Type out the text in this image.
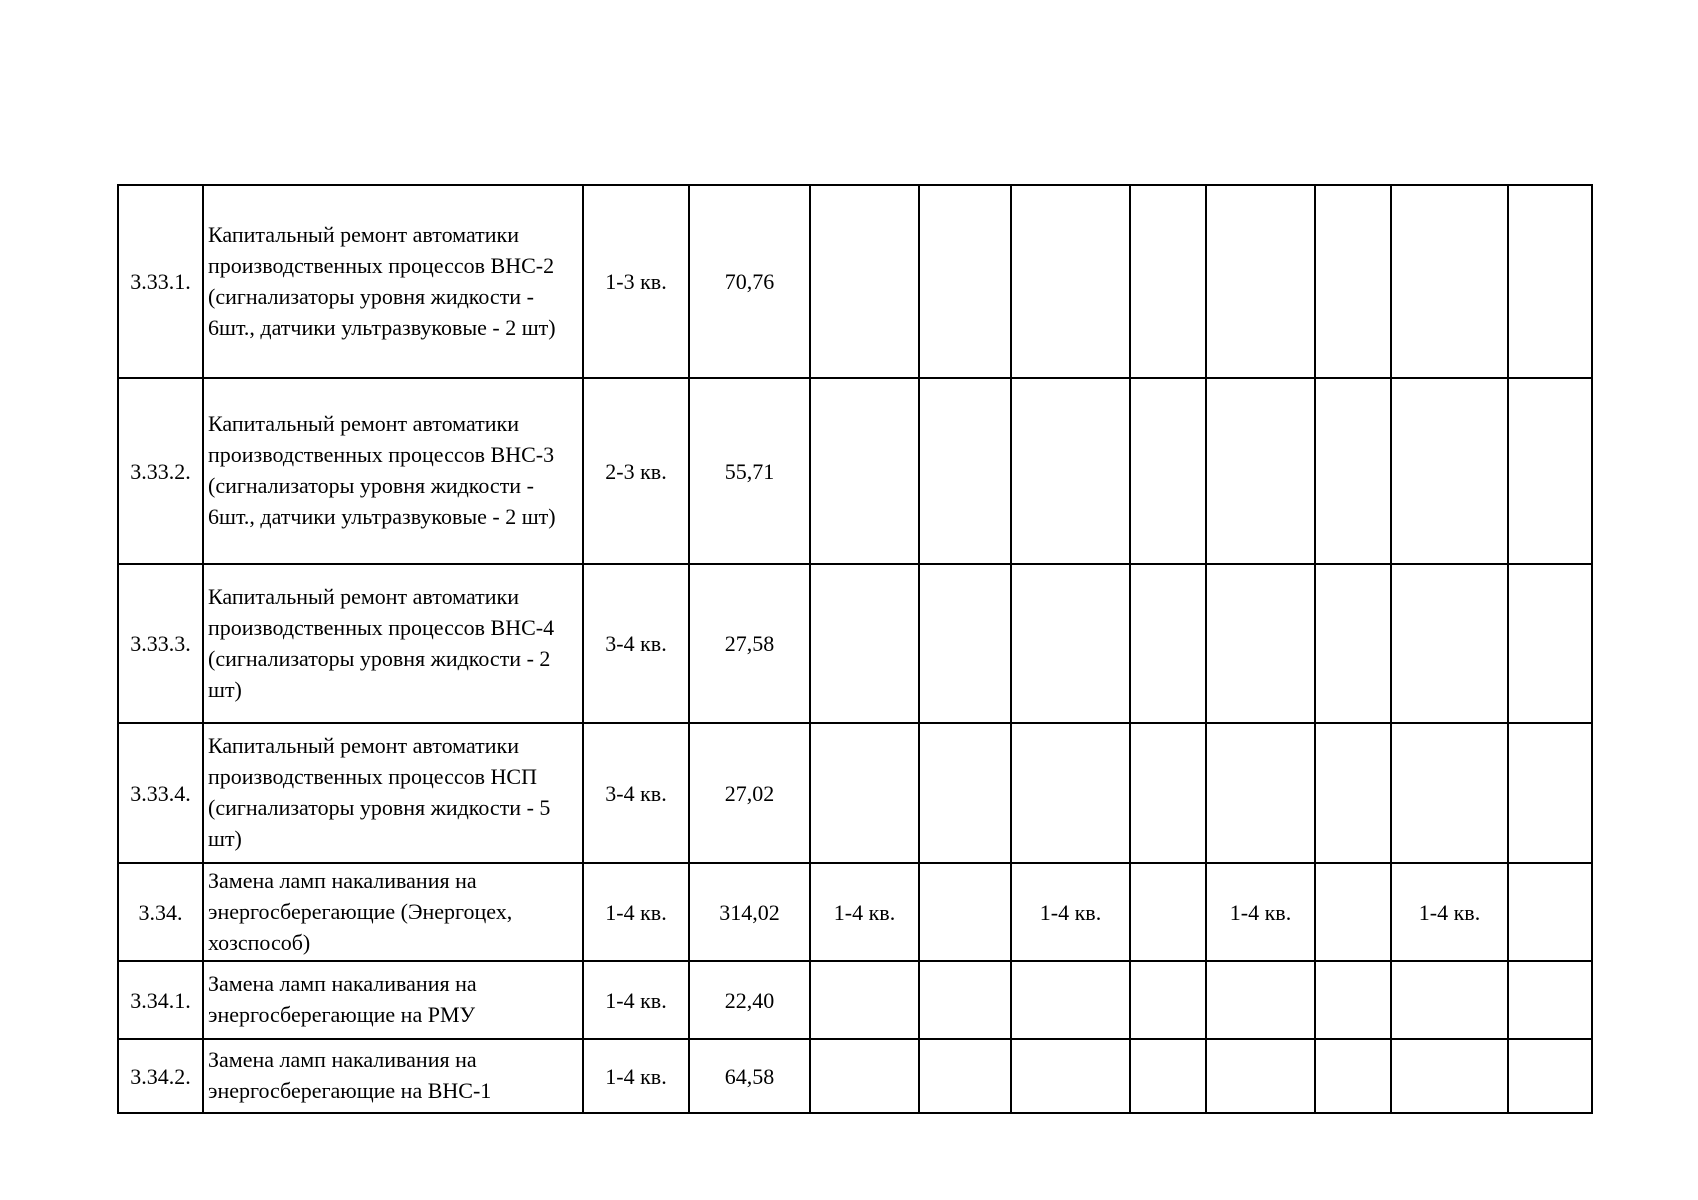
3.33.1.	Капитальный ремонт автоматики производственных процессов ВНС-2 (сигнализаторы уровня жидкости - 6шт., датчики ультразвуковые - 2 шт)	1-3 кв.	70,76									

3.33.2.	Капитальный ремонт автоматики производственных процессов ВНС-3 (сигнализаторы уровня жидкости - 6шт., датчики ультразвуковые - 2 шт)	2-3 кв.	55,71									

3.33.3.	Капитальный ремонт автоматики производственных процессов ВНС-4 (сигнализаторы уровня жидкости - 2 шт)	3-4 кв.	27,58									

3.33.4.	Капитальный ремонт автоматики производственных процессов НСП (сигнализаторы уровня жидкости - 5 шт)	3-4 кв.	27,02									

3.34.	Замена ламп накаливания на энергосберегающие (Энергоцех, хозспособ)	1-4 кв.	314,02	1-4 кв.		1-4 кв.		1-4 кв.		1-4 кв.		

3.34.1.	Замена ламп накаливания на энергосберегающие на РМУ	1-4 кв.	22,40									

3.34.2.	Замена ламп накаливания на энергосберегающие на ВНС-1	1-4 кв.	64,58									
